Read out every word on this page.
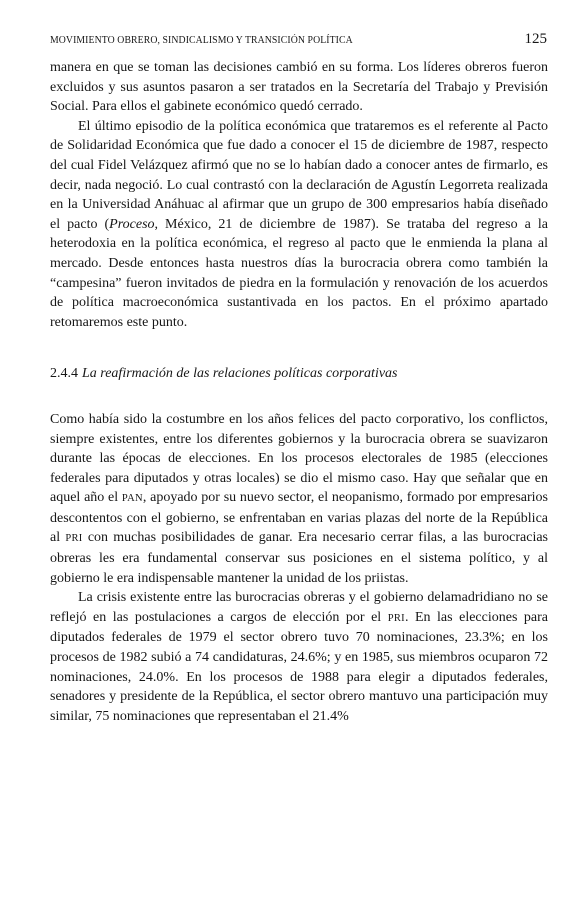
MOVIMIENTO OBRERO, SINDICALISMO Y TRANSICIÓN POLÍTICA	125

manera en que se toman las decisiones cambió en su forma. Los líderes obreros fueron excluidos y sus asuntos pasaron a ser tratados en la Secretaría del Trabajo y Previsión Social. Para ellos el gabinete económico quedó cerrado.

El último episodio de la política económica que trataremos es el referente al Pacto de Solidaridad Económica que fue dado a conocer el 15 de diciembre de 1987, respecto del cual Fidel Velázquez afirmó que no se lo habían dado a conocer antes de firmarlo, es decir, nada negoció. Lo cual contrastó con la declaración de Agustín Legorreta realizada en la Universidad Anáhuac al afirmar que un grupo de 300 empresarios había diseñado el pacto (Proceso, México, 21 de diciembre de 1987). Se trataba del regreso a la heterodoxia en la política económica, el regreso al pacto que le enmienda la plana al mercado. Desde entonces hasta nuestros días la burocracia obrera como también la “campesina” fueron invitados de piedra en la formulación y renovación de los acuerdos de política macroeconómica sustantivada en los pactos. En el próximo apartado retomaremos este punto.

2.4.4 La reafirmación de las relaciones políticas corporativas

Como había sido la costumbre en los años felices del pacto corporativo, los conflictos, siempre existentes, entre los diferentes gobiernos y la burocracia obrera se suavizaron durante las épocas de elecciones. En los procesos electorales de 1985 (elecciones federales para diputados y otras locales) se dio el mismo caso. Hay que señalar que en aquel año el PAN, apoyado por su nuevo sector, el neopanismo, formado por empresarios descontentos con el gobierno, se enfrentaban en varias plazas del norte de la República al PRI con muchas posibilidades de ganar. Era necesario cerrar filas, a las burocracias obreras les era fundamental conservar sus posiciones en el sistema político, y al gobierno le era indispensable mantener la unidad de los priistas.

La crisis existente entre las burocracias obreras y el gobierno delamadridiano no se reflejó en las postulaciones a cargos de elección por el PRI. En las elecciones para diputados federales de 1979 el sector obrero tuvo 70 nominaciones, 23.3%; en los procesos de 1982 subió a 74 candidaturas, 24.6%; y en 1985, sus miembros ocuparon 72 nominaciones, 24.0%. En los procesos de 1988 para elegir a diputados federales, senadores y presidente de la República, el sector obrero mantuvo una participación muy similar, 75 nominaciones que representaban el 21.4%
